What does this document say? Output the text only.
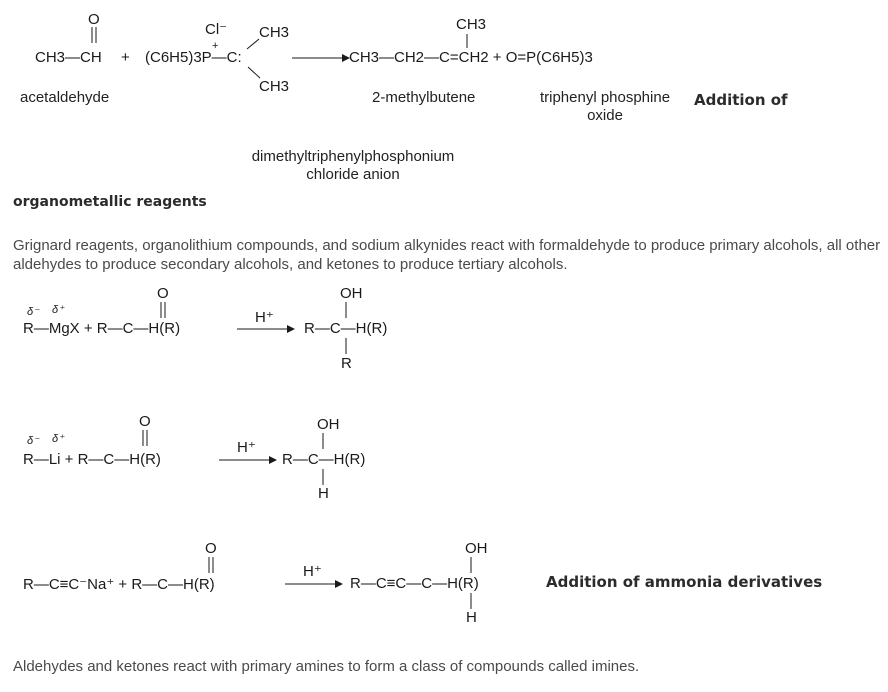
O
CH3—CH +
Cl⁻ CH3
+
(C6H5)3P—C:
CH3
CH3
CH3—CH2—C=CH2 + O=P(C6H5)3
acetaldehyde	2-methylbutene	triphenyl phosphine
oxide
dimethyltriphenylphosphonium
chloride anion
Addition of
organometallic reagents
Grignard reagents, organolithium compounds, and sodium alkynides react with formaldehyde to produce primary alcohols, all other aldehydes to produce secondary alcohols, and ketones to produce tertiary alcohols.
δ⁻ δ⁺
O
R—MgX + R—C—H(R)
H⁺
OH
R—C—H(R)
R
δ⁻ δ⁺
O
R—Li + R—C—H(R)
H⁺
OH
R—C—H(R)
H
O
R—C≡C⁻Na⁺ + R—C—H(R)
H⁺
OH
R—C≡C—C—H(R)
H
Addition of ammonia derivatives
Aldehydes and ketones react with primary amines to form a class of compounds called imines.
